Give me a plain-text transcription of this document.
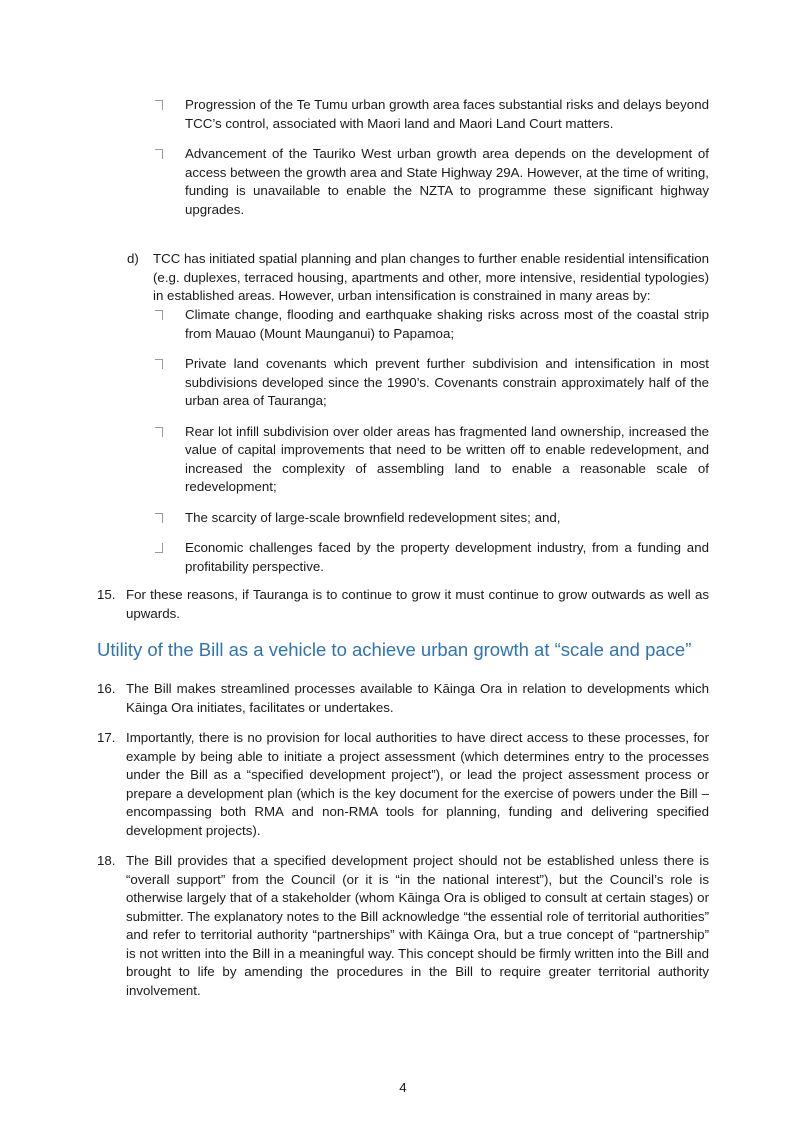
Progression of the Te Tumu urban growth area faces substantial risks and delays beyond TCC’s control, associated with Maori land and Maori Land Court matters.
Advancement of the Tauriko West urban growth area depends on the development of access between the growth area and State Highway 29A. However, at the time of writing, funding is unavailable to enable the NZTA to programme these significant highway upgrades.

d) TCC has initiated spatial planning and plan changes to further enable residential intensification (e.g. duplexes, terraced housing, apartments and other, more intensive, residential typologies) in established areas. However, urban intensification is constrained in many areas by:

Climate change, flooding and earthquake shaking risks across most of the coastal strip from Mauao (Mount Maunganui) to Papamoa;
Private land covenants which prevent further subdivision and intensification in most subdivisions developed since the 1990’s. Covenants constrain approximately half of the urban area of Tauranga;
Rear lot infill subdivision over older areas has fragmented land ownership, increased the value of capital improvements that need to be written off to enable redevelopment, and increased the complexity of assembling land to enable a reasonable scale of redevelopment;
The scarcity of large-scale brownfield redevelopment sites; and,
Economic challenges faced by the property development industry, from a funding and profitability perspective.

15. For these reasons, if Tauranga is to continue to grow it must continue to grow outwards as well as upwards.

Utility of the Bill as a vehicle to achieve urban growth at “scale and pace”

16. The Bill makes streamlined processes available to Kāinga Ora in relation to developments which Kāinga Ora initiates, facilitates or undertakes.

17. Importantly, there is no provision for local authorities to have direct access to these processes, for example by being able to initiate a project assessment (which determines entry to the processes under the Bill as a “specified development project”), or lead the project assessment process or prepare a development plan (which is the key document for the exercise of powers under the Bill – encompassing both RMA and non-RMA tools for planning, funding and delivering specified development projects).

18. The Bill provides that a specified development project should not be established unless there is “overall support” from the Council (or it is “in the national interest”), but the Council’s role is otherwise largely that of a stakeholder (whom Kāinga Ora is obliged to consult at certain stages) or submitter. The explanatory notes to the Bill acknowledge “the essential role of territorial authorities” and refer to territorial authority “partnerships” with Kāinga Ora, but a true concept of “partnership” is not written into the Bill in a meaningful way. This concept should be firmly written into the Bill and brought to life by amending the procedures in the Bill to require greater territorial authority involvement.

4
